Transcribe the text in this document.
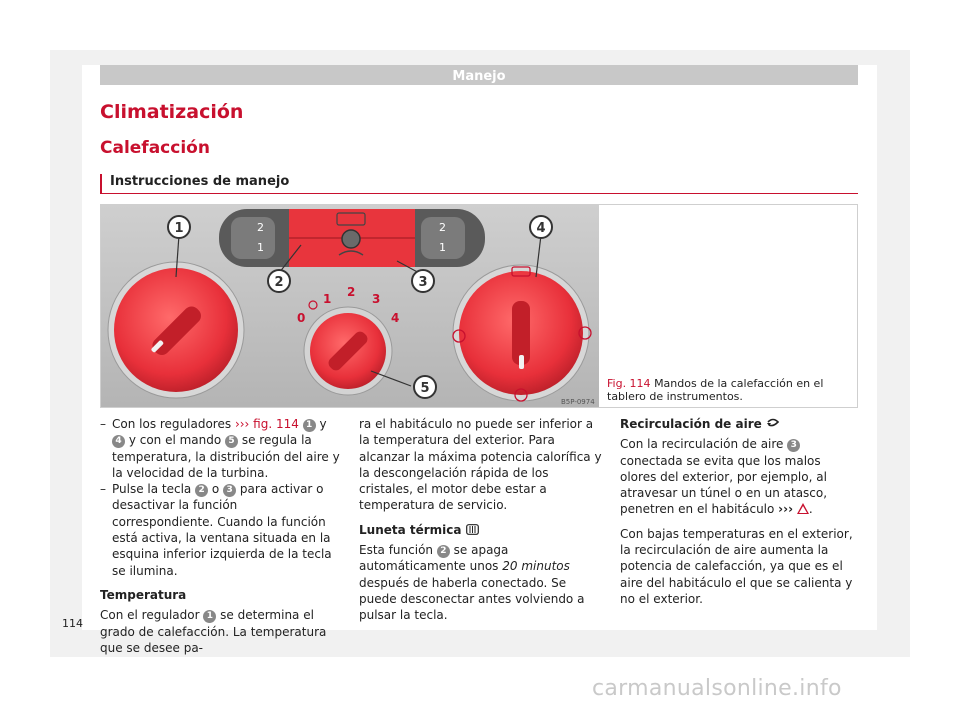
Manejo
Climatización
Calefacción
Instrucciones de manejo
2
1
2
1
0
1 2 3
4
1
2	3
4
5
B5P-0974
Fig. 114 Mandos de la calefacción en el tablero de instrumentos.
– Con los reguladores ››› fig. 114 1 y 4 y con el mando 5 se regula la temperatura, la distribución del aire y la velocidad de la turbina.
– Pulse la tecla 2 o 3 para activar o desactivar la función correspondiente. Cuando la función está activa, la ventana situada en la esquina inferior izquierda de la tecla se ilumina.
Temperatura
Con el regulador 1 se determina el grado de calefacción. La temperatura que se desee pa-
ra el habitáculo no puede ser inferior a la temperatura del exterior. Para alcanzar la máxima potencia calorífica y la descongelación rápida de los cristales, el motor debe estar a temperatura de servicio.
Luneta térmica
Esta función 2 se apaga automáticamente unos 20 minutos después de haberla conectado. Se puede desconectar antes volviendo a pulsar la tecla.
Recirculación de aire
Con la recirculación de aire 3 conectada se evita que los malos olores del exterior, por ejemplo, al atravesar un túnel o en un atasco, penetren en el habitáculo ››› .
Con bajas temperaturas en el exterior, la recirculación de aire aumenta la potencia de calefacción, ya que es el aire del habitáculo el que se calienta y no el exterior.
114
carmanualsonline.info
